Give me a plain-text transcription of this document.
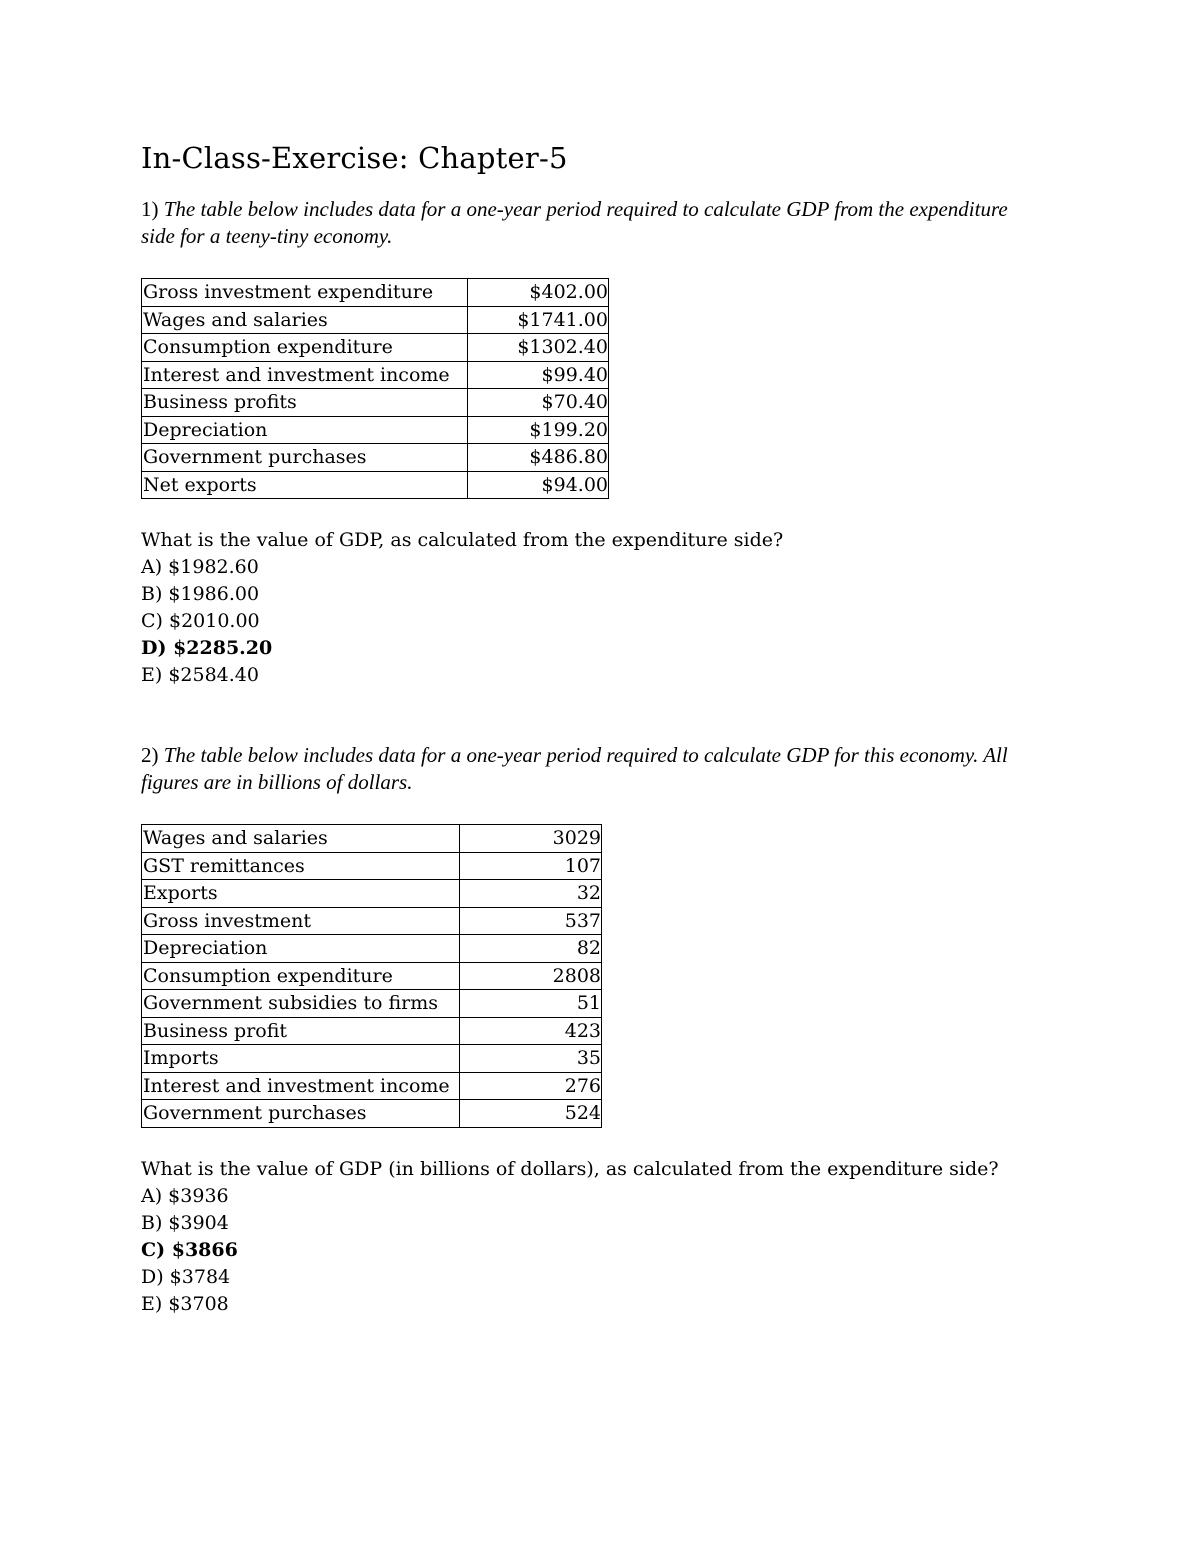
In-Class-Exercise: Chapter-5

1) The table below includes data for a one-year period required to calculate GDP from the expenditure side for a teeny-tiny economy.

Gross investment expenditure	$402.00
Wages and salaries	$1741.00
Consumption expenditure	$1302.40
Interest and investment income	$99.40
Business profits	$70.40
Depreciation	$199.20
Government purchases	$486.80
Net exports	$94.00

What is the value of GDP, as calculated from the expenditure side?

A) $1982.60
B) $1986.00
C) $2010.00
D) $2285.20
E) $2584.40

2) The table below includes data for a one-year period required to calculate GDP for this economy. All figures are in billions of dollars.

Wages and salaries	3029
GST remittances	107
Exports	32
Gross investment	537
Depreciation	82
Consumption expenditure	2808
Government subsidies to firms	51
Business profit	423
Imports	35
Interest and investment income	276
Government purchases	524

What is the value of GDP (in billions of dollars), as calculated from the expenditure side?

A) $3936
B) $3904
C) $3866
D) $3784
E) $3708
